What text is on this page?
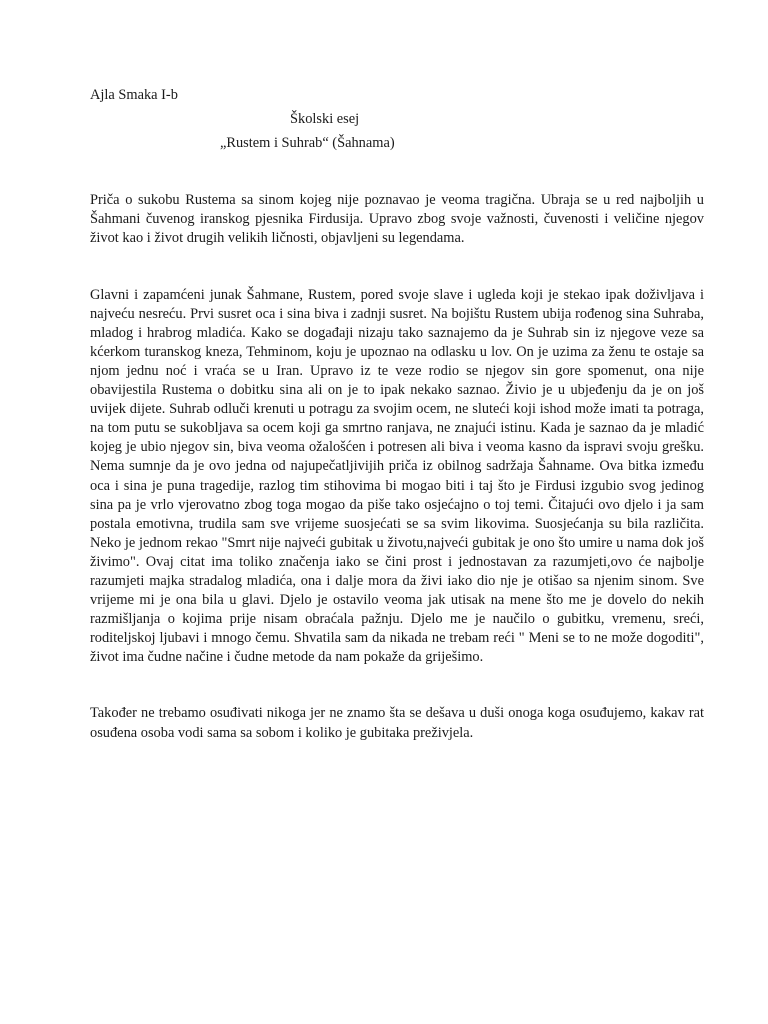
Ajla Smaka I-b

Školski esej

„Rustem i Suhrab“ (Šahnama)

Priča o sukobu Rustema sa sinom kojeg nije poznavao je veoma tragična. Ubraja se u red najboljih u Šahmani čuvenog iranskog pjesnika Firdusija. Upravo zbog svoje važnosti, čuvenosti i veličine njegov život kao i život drugih velikih ličnosti, objavljeni su legendama.

Glavni i zapamćeni junak Šahmane, Rustem, pored svoje slave i ugleda koji je stekao ipak doživljava i najveću nesreću. Prvi susret oca i sina biva i zadnji susret. Na bojištu Rustem ubija rođenog sina Suhraba, mladog i hrabrog mladića. Kako se događaji nizaju tako saznajemo da je Suhrab sin iz njegove veze sa kćerkom turanskog kneza, Tehminom, koju je upoznao na odlasku u lov. On je uzima za ženu te ostaje sa njom jednu noć i vraća se u Iran. Upravo iz te veze rodio se njegov sin gore spomenut, ona nije obavijestila Rustema o dobitku sina ali on je to ipak nekako saznao. Živio je u ubjeđenju da je on još uvijek dijete. Suhrab odluči krenuti u potragu za svojim ocem, ne sluteći koji ishod može imati ta potraga, na tom putu se sukobljava sa ocem koji ga smrtno ranjava, ne znajući istinu. Kada je saznao da je mladić kojeg je ubio njegov sin, biva veoma ožalošćen i potresen ali biva i veoma kasno da ispravi svoju grešku. Nema sumnje da je ovo jedna od najupečatljivijih priča iz obilnog sadržaja Šahname. Ova bitka između oca i sina je puna tragedije, razlog tim stihovima bi mogao biti i taj što je Firdusi izgubio svog jedinog sina pa je vrlo vjerovatno zbog toga mogao da piše tako osjećajno o toj temi. Čitajući ovo djelo i ja sam postala emotivna, trudila sam sve vrijeme suosjećati se sa svim likovima. Suosjećanja su bila različita. Neko je jednom rekao "Smrt nije najveći gubitak u životu,najveći gubitak je ono što umire u nama dok još živimo". Ovaj citat ima toliko značenja iako se čini prost i jednostavan za razumjeti,ovo će najbolje razumjeti majka stradalog mladića, ona i dalje mora da živi iako dio nje je otišao sa njenim sinom. Sve vrijeme mi je ona bila u glavi. Djelo je ostavilo veoma jak utisak na mene što me je dovelo do nekih razmišljanja o kojima prije nisam obraćala pažnju. Djelo me je naučilo o gubitku, vremenu, sreći, roditeljskoj ljubavi i mnogo čemu. Shvatila sam da nikada ne trebam reći " Meni se to ne može dogoditi", život ima čudne načine i čudne metode da nam pokaže da griješimo.

Također ne trebamo osuđivati nikoga jer ne znamo šta se dešava u duši onoga koga osuđujemo, kakav rat osuđena osoba vodi sama sa sobom i koliko je gubitaka preživjela.
